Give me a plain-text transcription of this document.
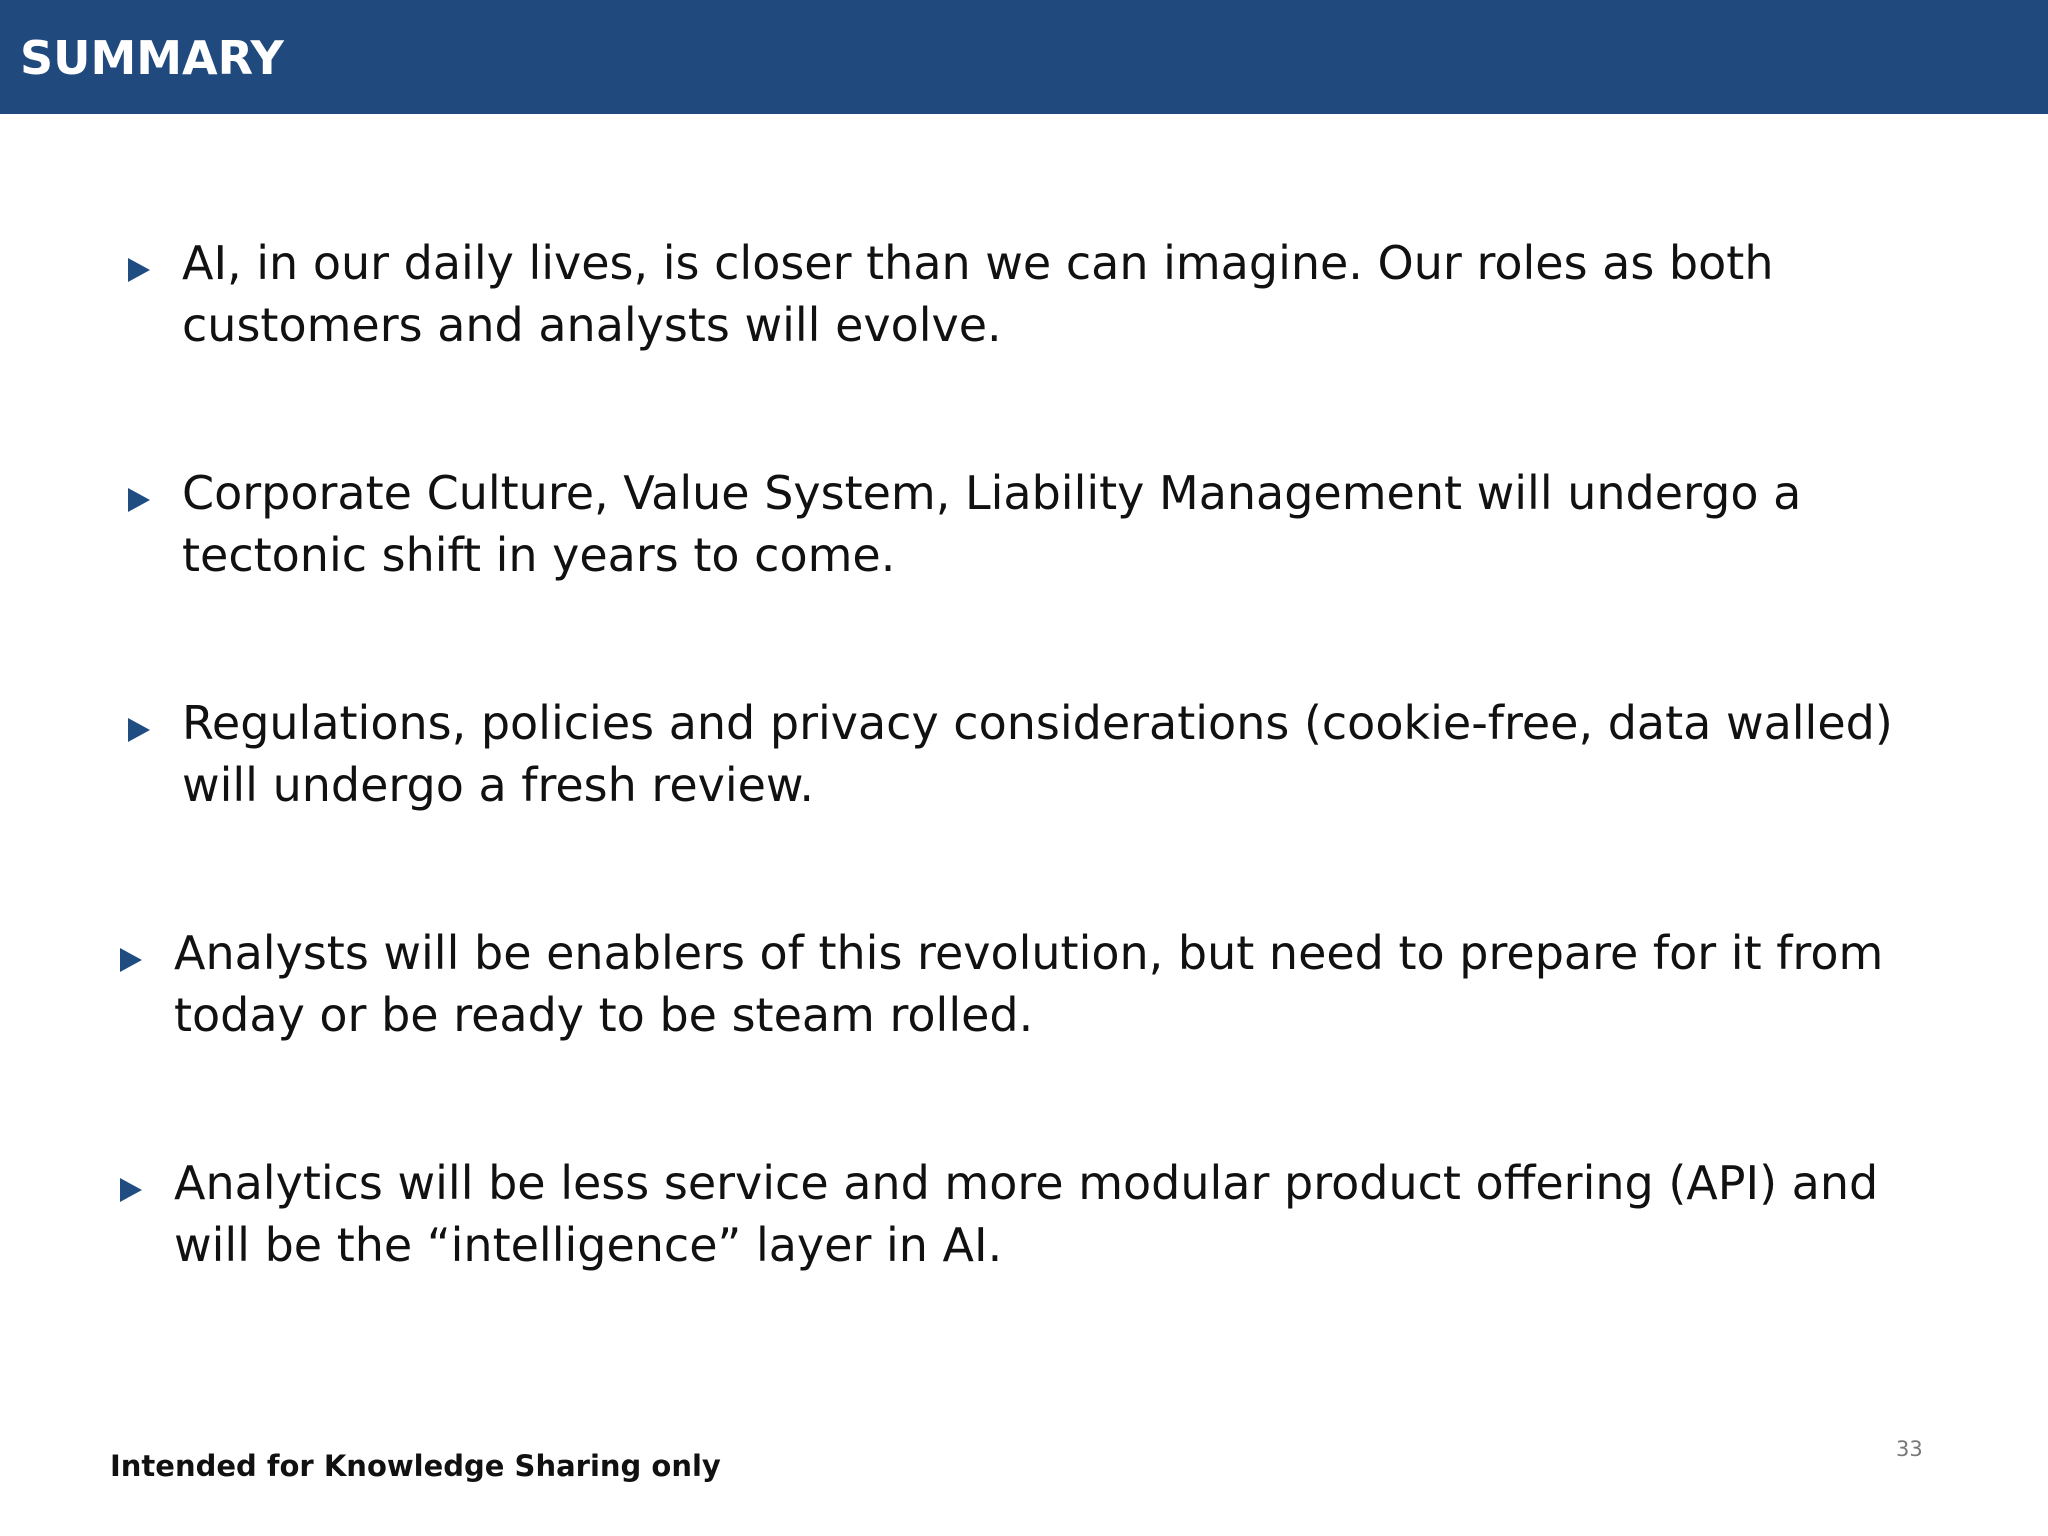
SUMMARY
AI, in our daily lives, is closer than we can imagine. Our roles as both customers and analysts will evolve.
Corporate Culture, Value System, Liability Management will undergo a tectonic shift in years to come.
Regulations, policies and privacy considerations (cookie-free, data walled) will undergo a fresh review.
Analysts will be enablers of this revolution, but need to prepare for it from today or be ready to be steam rolled.
Analytics will be less service and more modular product offering (API) and will be the “intelligence” layer in AI.
Intended for Knowledge Sharing only	33
